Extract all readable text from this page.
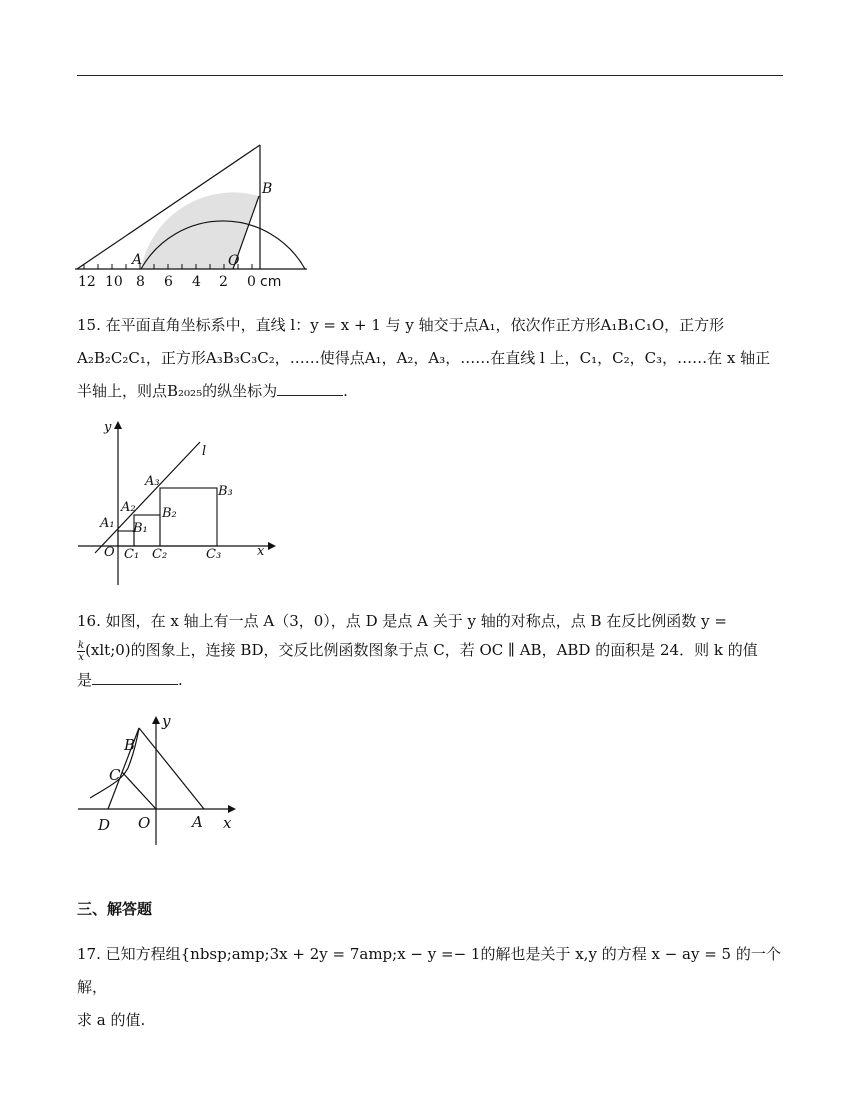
12 10 8 6 4 2 0 cm
A	O
B
15. 在平面直角坐标系中，直线 l：y = x + 1 与 y 轴交于点A₁，依次作正方形A₁B₁C₁O，正方形A₂B₂C₂C₁，正方形A₃B₃C₃C₂，……使得点A₁，A₂，A₃，……在直线 l 上，C₁，C₂，C₃，……在 x 轴正半轴上，则点B₂₀₂₅的纵坐标为	.
y
x
l
O
A₁
A₂
A₃
B₁
B₂
B₃
C₁ C₂	C₃
16. 如图，在 x 轴上有一点 A（3，0），点 D 是点 A 关于 y 轴的对称点，点 B 在反比例函数 y =
$\frac{k}{x}$ (xlt;0)的图象上，连接 BD，交反比例函数图象于点 C，若 OC ∥ AB，ABD 的面积是 24．则 k 的值
是	.
y
x
B
C
D O	A
三、解答题
17. 已知方程组{nbsp;amp;3x + 2y = 7amp;x − y =− 1的解也是关于 x,y 的方程 x − ay = 5 的一个解，
求 a 的值.
